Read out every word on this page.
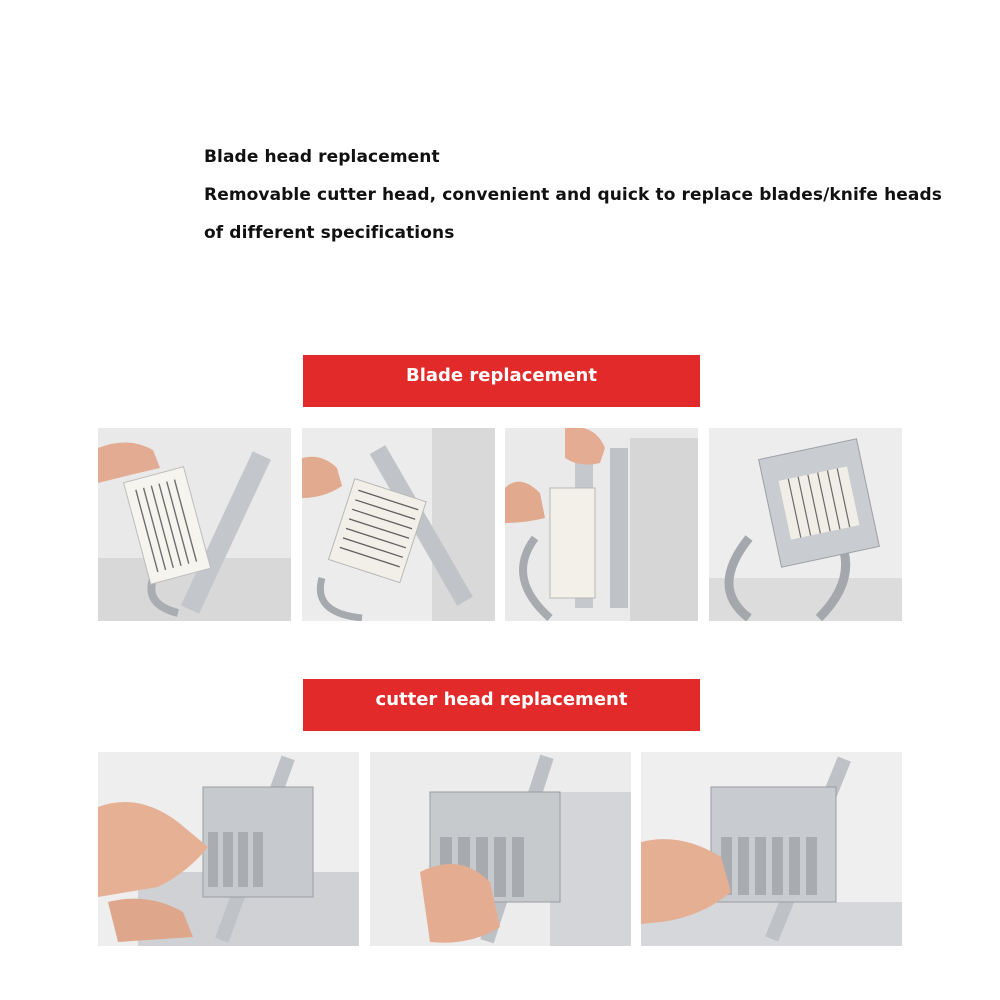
Blade head replacement
Removable cutter head, convenient and quick to replace blades/knife heads
of different specifications
Blade replacement
cutter head replacement
